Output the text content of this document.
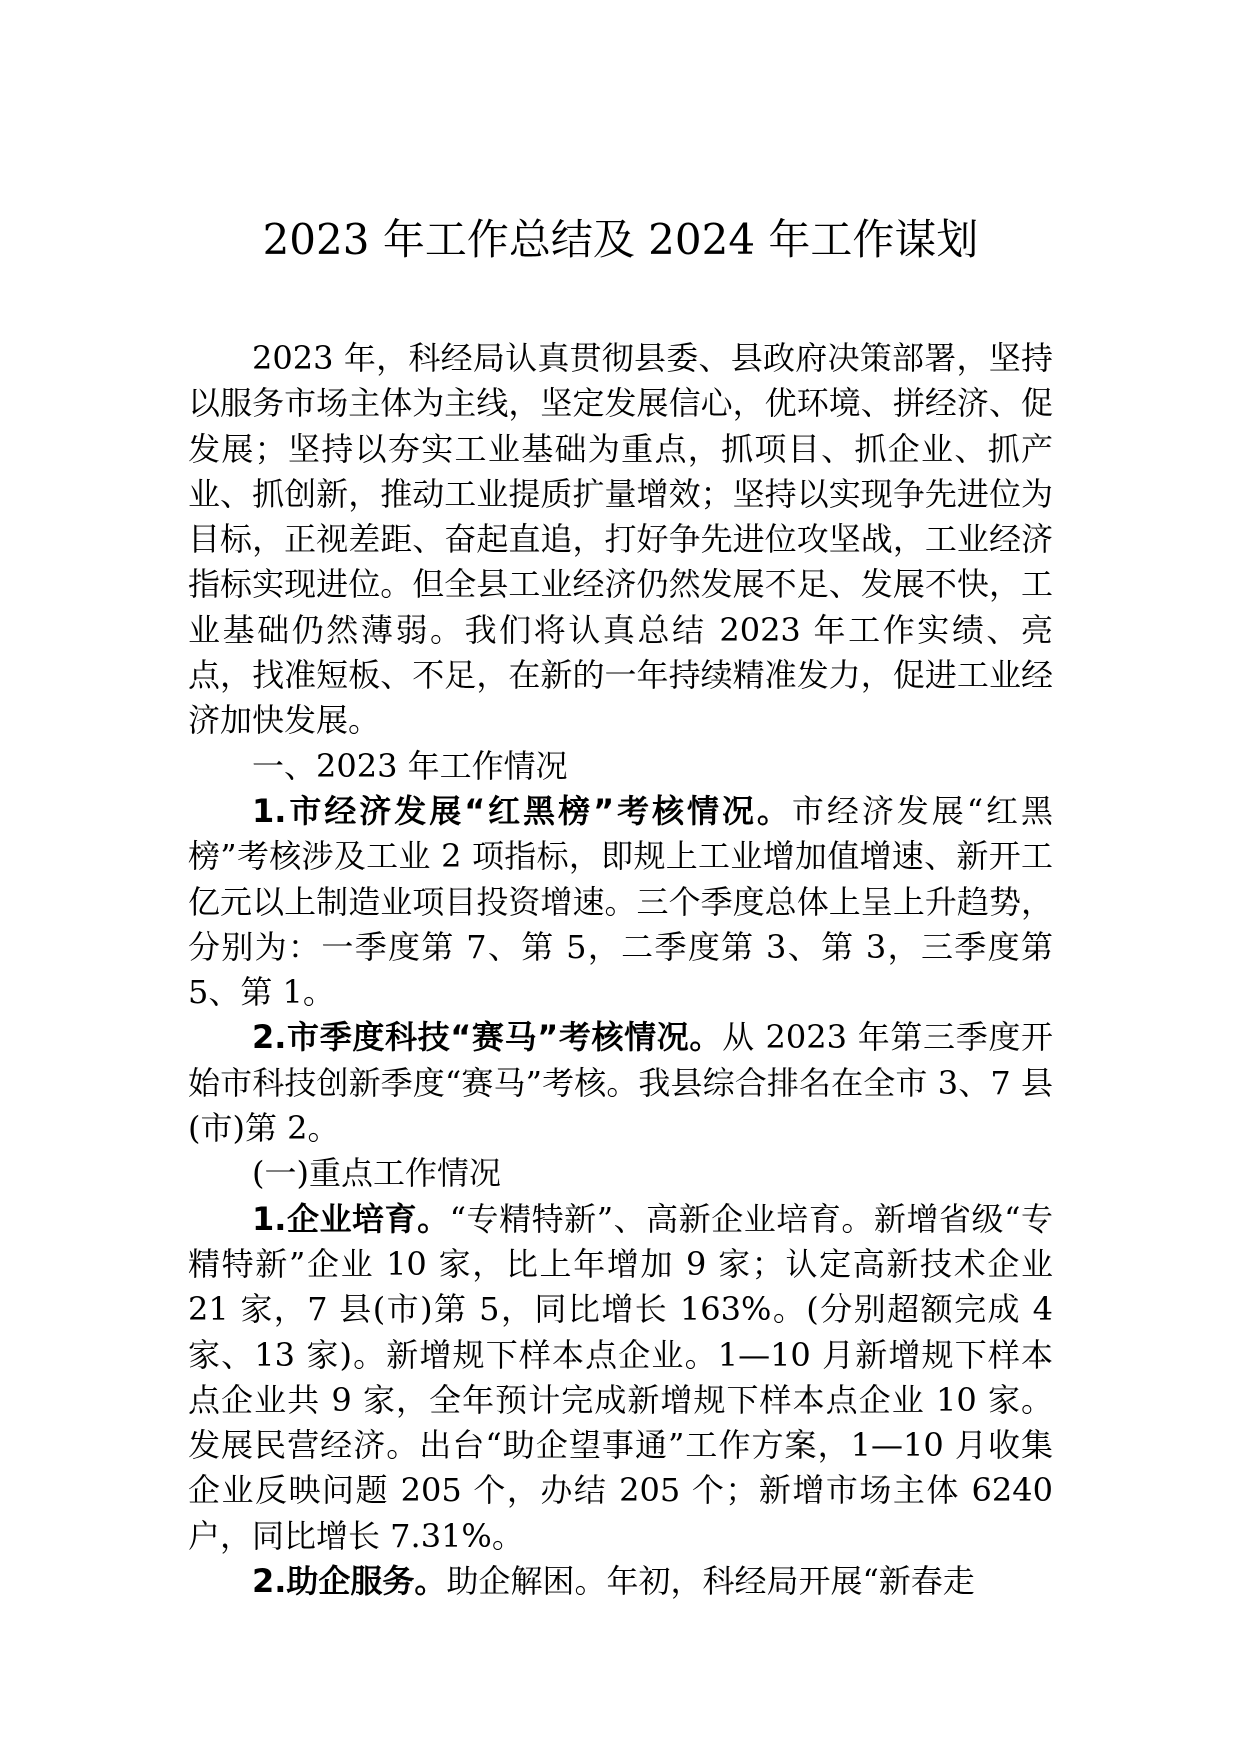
2023 年工作总结及 2024 年工作谋划

2023 年，科经局认真贯彻县委、县政府决策部署，坚持以服务市场主体为主线，坚定发展信心，优环境、拼经济、促发展；坚持以夯实工业基础为重点，抓项目、抓企业、抓产业、抓创新，推动工业提质扩量增效；坚持以实现争先进位为目标，正视差距、奋起直追，打好争先进位攻坚战，工业经济指标实现进位。但全县工业经济仍然发展不足、发展不快，工业基础仍然薄弱。我们将认真总结 2023 年工作实绩、亮点，找准短板、不足，在新的一年持续精准发力，促进工业经济加快发展。

一、2023 年工作情况

1.市经济发展“红黑榜”考核情况。市经济发展“红黑榜”考核涉及工业 2 项指标，即规上工业增加值增速、新开工亿元以上制造业项目投资增速。三个季度总体上呈上升趋势，分别为：一季度第 7、第 5，二季度第 3、第 3，三季度第 5、第 1。

2.市季度科技“赛马”考核情况。从 2023 年第三季度开始市科技创新季度“赛马”考核。我县综合排名在全市 3、7 县(市)第 2。

(一)重点工作情况

1.企业培育。“专精特新”、高新企业培育。新增省级“专精特新”企业 10 家，比上年增加 9 家；认定高新技术企业 21 家，7 县(市)第 5，同比增长 163%。(分别超额完成 4 家、13 家)。新增规下样本点企业。1—10 月新增规下样本点企业共 9 家，全年预计完成新增规下样本点企业 10 家。发展民营经济。出台“助企望事通”工作方案，1—10 月收集企业反映问题 205 个，办结 205 个；新增市场主体 6240 户，同比增长 7.31%。

2.助企服务。助企解困。年初，科经局开展“新春走
